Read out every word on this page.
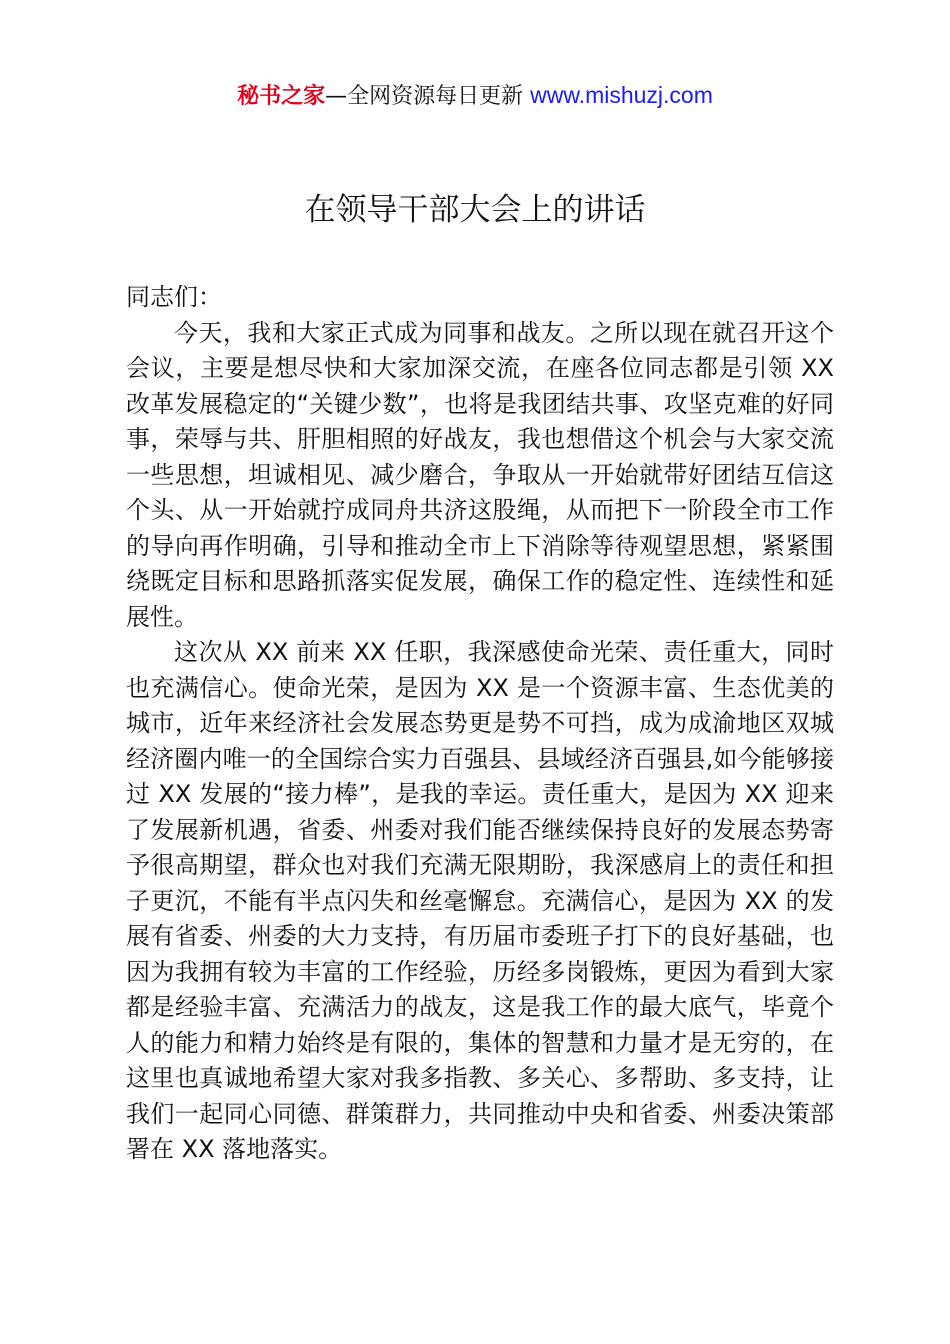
秘书之家—全网资源每日更新 www.mishuzj.com
在领导干部大会上的讲话

同志们：

今天，我和大家正式成为同事和战友。之所以现在就召开这个会议，主要是想尽快和大家加深交流，在座各位同志都是引领 XX 改革发展稳定的“关键少数”，也将是我团结共事、攻坚克难的好同事，荣辱与共、肝胆相照的好战友，我也想借这个机会与大家交流一些思想，坦诚相见、减少磨合，争取从一开始就带好团结互信这个头、从一开始就拧成同舟共济这股绳，从而把下一阶段全市工作的导向再作明确，引导和推动全市上下消除等待观望思想，紧紧围绕既定目标和思路抓落实促发展，确保工作的稳定性、连续性和延展性。

这次从 XX 前来 XX 任职，我深感使命光荣、责任重大，同时也充满信心。使命光荣，是因为 XX 是一个资源丰富、生态优美的城市，近年来经济社会发展态势更是势不可挡，成为成渝地区双城经济圈内唯一的全国综合实力百强县、县域经济百强县,如今能够接过 XX 发展的“接力棒”，是我的幸运。责任重大，是因为 XX 迎来了发展新机遇，省委、州委对我们能否继续保持良好的发展态势寄予很高期望，群众也对我们充满无限期盼，我深感肩上的责任和担子更沉，不能有半点闪失和丝毫懈怠。充满信心，是因为 XX 的发展有省委、州委的大力支持，有历届市委班子打下的良好基础，也因为我拥有较为丰富的工作经验，历经多岗锻炼，更因为看到大家都是经验丰富、充满活力的战友，这是我工作的最大底气，毕竟个人的能力和精力始终是有限的，集体的智慧和力量才是无穷的，在这里也真诚地希望大家对我多指教、多关心、多帮助、多支持，让我们一起同心同德、群策群力，共同推动中央和省委、州委决策部署在 XX 落地落实。
